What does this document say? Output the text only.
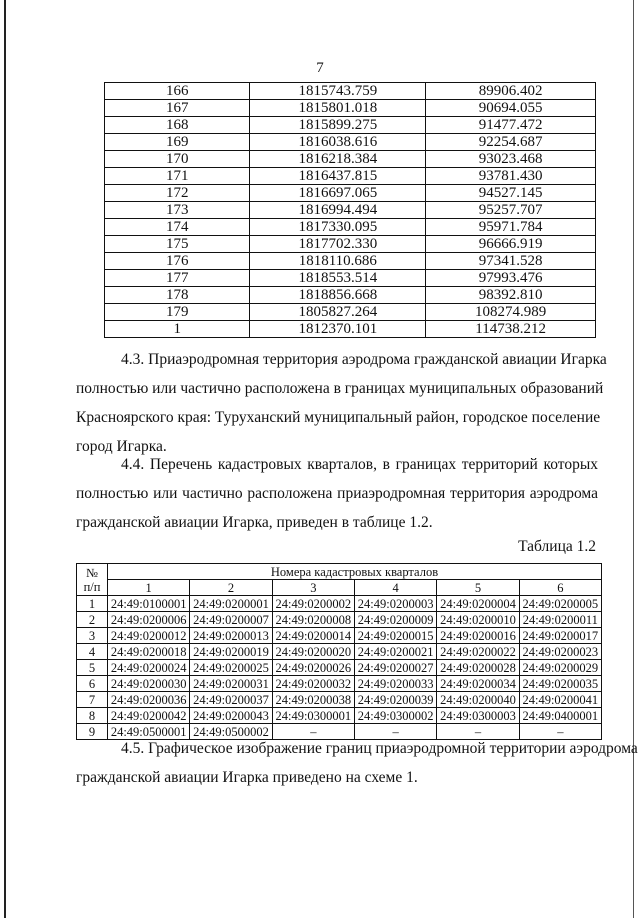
7
166	1815743.759	89906.402
167	1815801.018	90694.055
168	1815899.275	91477.472
169	1816038.616	92254.687
170	1816218.384	93023.468
171	1816437.815	93781.430
172	1816697.065	94527.145
173	1816994.494	95257.707
174	1817330.095	95971.784
175	1817702.330	96666.919
176	1818110.686	97341.528
177	1818553.514	97993.476
178	1818856.668	98392.810
179	1805827.264	108274.989
1	1812370.101	114738.212
4.3. Приаэродромная территория аэродрома гражданской авиации Игарка
полностью или частично расположена в границах муниципальных образований
Красноярского края: Туруханский муниципальный район, городское поселение
город Игарка.
4.4. Перечень кадастровых кварталов, в границах территорий которых
полностью или частично расположена приаэродромная территория аэродрома
гражданской авиации Игарка, приведен в таблице 1.2.
Таблица 1.2
№
п/п	Номера кадастровых кварталов					
	1	2	3	4	5	6
1	24:49:0100001	24:49:0200001	24:49:0200002	24:49:0200003	24:49:0200004	24:49:0200005
2	24:49:0200006	24:49:0200007	24:49:0200008	24:49:0200009	24:49:0200010	24:49:0200011
3	24:49:0200012	24:49:0200013	24:49:0200014	24:49:0200015	24:49:0200016	24:49:0200017
4	24:49:0200018	24:49:0200019	24:49:0200020	24:49:0200021	24:49:0200022	24:49:0200023
5	24:49:0200024	24:49:0200025	24:49:0200026	24:49:0200027	24:49:0200028	24:49:0200029
6	24:49:0200030	24:49:0200031	24:49:0200032	24:49:0200033	24:49:0200034	24:49:0200035
7	24:49:0200036	24:49:0200037	24:49:0200038	24:49:0200039	24:49:0200040	24:49:0200041
8	24:49:0200042	24:49:0200043	24:49:0300001	24:49:0300002	24:49:0300003	24:49:0400001
9	24:49:0500001	24:49:0500002	–	–	–	–
4.5. Графическое изображение границ приаэродромной территории аэродрома
гражданской авиации Игарка приведено на схеме 1.
